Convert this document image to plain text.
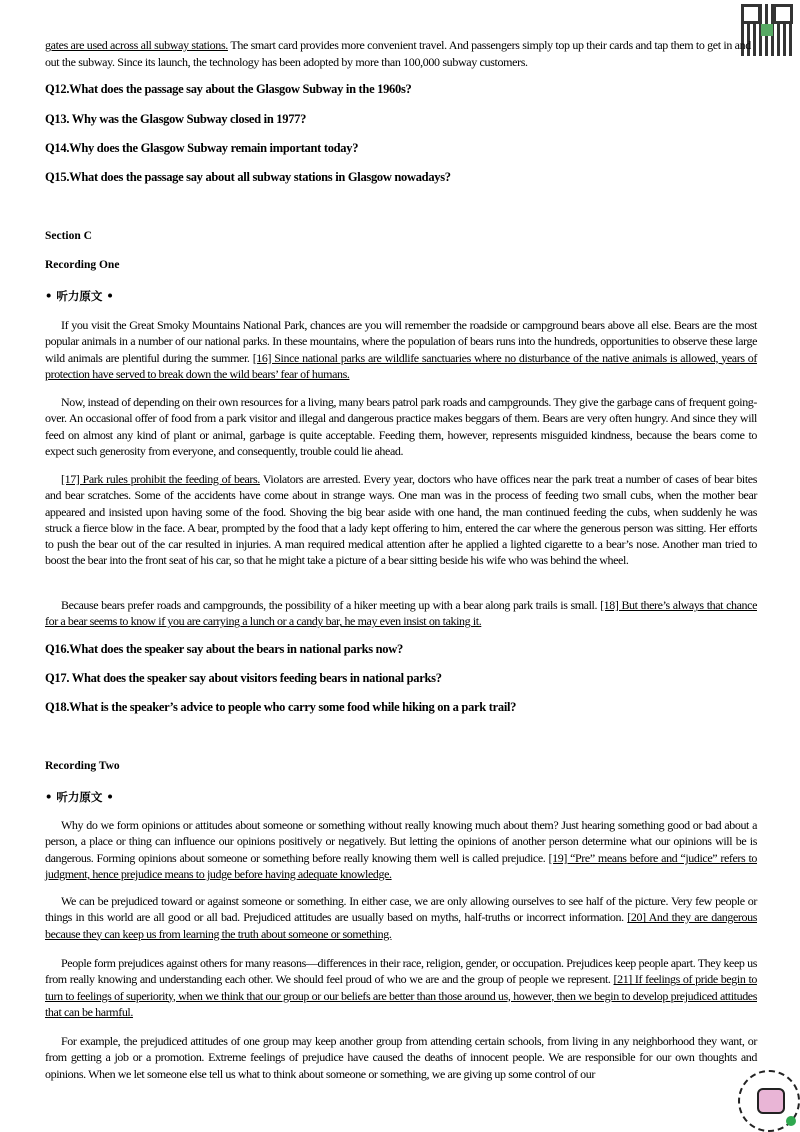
gates are used across all subway stations. The smart card provides more convenient travel. And passengers simply top up their cards and tap them to get in and out the subway. Since its launch, the technology has been adopted by more than 100,000 subway customers.
Q12.What does the passage say about the Glasgow Subway in the 1960s?
Q13. Why was the Glasgow Subway closed in 1977?
Q14.Why does the Glasgow Subway remain important today?
Q15.What does the passage say about all subway stations in Glasgow nowadays?
Section C
Recording One
• 听力原文 •

If you visit the Great Smoky Mountains National Park, chances are you will remember the roadside or campground bears above all else. Bears are the most popular animals in a number of our national parks. In these mountains, where the population of bears runs into the hundreds, opportunities to observe these large wild animals are plentiful during the summer. [16] Since national parks are wildlife sanctuaries where no disturbance of the native animals is allowed, years of protection have served to break down the wild bears’ fear of humans.

Now, instead of depending on their own resources for a living, many bears patrol park roads and campgrounds. They give the garbage cans of frequent going-over. An occasional offer of food from a park visitor and illegal and dangerous practice makes beggars of them. Bears are very often hungry. And since they will feed on almost any kind of plant or animal, garbage is quite acceptable. Feeding them, however, represents misguided kindness, because the bears come to expect such generosity from everyone, and consequently, trouble could lie ahead.

[17] Park rules prohibit the feeding of bears. Violators are arrested. Every year, doctors who have offices near the park treat a number of cases of bear bites and bear scratches. Some of the accidents have come about in strange ways. One man was in the process of feeding two small cubs, when the mother bear appeared and insisted upon having some of the food. Shoving the big bear aside with one hand, the man continued feeding the cubs, when suddenly he was struck a fierce blow in the face. A bear, prompted by the food that a lady kept offering to him, entered the car where the generous person was sitting. Her efforts to push the bear out of the car resulted in injuries. A man required medical attention after he applied a lighted cigarette to a bear’s nose. Another man tried to boost the bear into the front seat of his car, so that he might take a picture of a bear sitting beside his wife who was behind the wheel.

Because bears prefer roads and campgrounds, the possibility of a hiker meeting up with a bear along park trails is small. [18] But there’s always that chance for a bear seems to know if you are carrying a lunch or a candy bar, he may even insist on taking it.

Q16.What does the speaker say about the bears in national parks now?
Q17. What does the speaker say about visitors feeding bears in national parks?
Q18.What is the speaker’s advice to people who carry some food while hiking on a park trail?
Recording Two
• 听力原文 •

Why do we form opinions or attitudes about someone or something without really knowing much about them? Just hearing something good or bad about a person, a place or thing can influence our opinions positively or negatively. But letting the opinions of another person determine what our opinions will be is dangerous. Forming opinions about someone or something before really knowing them well is called prejudice. [19] “Pre” means before and “judice” refers to judgment, hence prejudice means to judge before having adequate knowledge.

We can be prejudiced toward or against someone or something. In either case, we are only allowing ourselves to see half of the picture. Very few people or things in this world are all good or all bad. Prejudiced attitudes are usually based on myths, half-truths or incorrect information. [20] And they are dangerous because they can keep us from learning the truth about someone or something.

People form prejudices against others for many reasons—differences in their race, religion, gender, or occupation. Prejudices keep people apart. They keep us from really knowing and understanding each other. We should feel proud of who we are and the group of people we represent. [21] If feelings of pride begin to turn to feelings of superiority, when we think that our group or our beliefs are better than those around us, however, then we begin to develop prejudiced attitudes that can be harmful.

For example, the prejudiced attitudes of one group may keep another group from attending certain schools, from living in any neighborhood they want, or from getting a job or a promotion. Extreme feelings of prejudice have caused the deaths of innocent people. We are responsible for our own thoughts and opinions. When we let someone else tell us what to think about someone or something, we are giving up some control of our
